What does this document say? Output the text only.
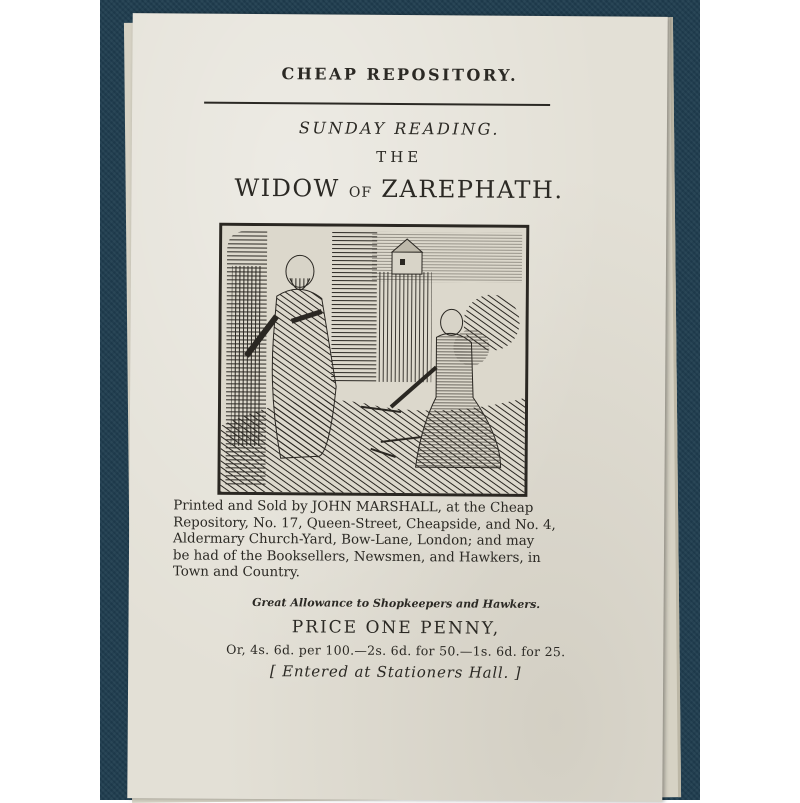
CHEAP REPOSITORY.
SUNDAY READING.
THE
WIDOW OF ZAREPHATH.
Printed and Sold by JOHN MARSHALL, at the Cheap
Repository, No. 17, Queen-Street, Cheapside, and No. 4,
Aldermary Church-Yard, Bow-Lane, London; and may
be had of the Booksellers, Newsmen, and Hawkers, in
Town and Country.
Great Allowance to Shopkeepers and Hawkers.
PRICE ONE PENNY,
Or, 4s. 6d. per 100.—2s. 6d. for 50.—1s. 6d. for 25.
[ Entered at Stationers Hall. ]
